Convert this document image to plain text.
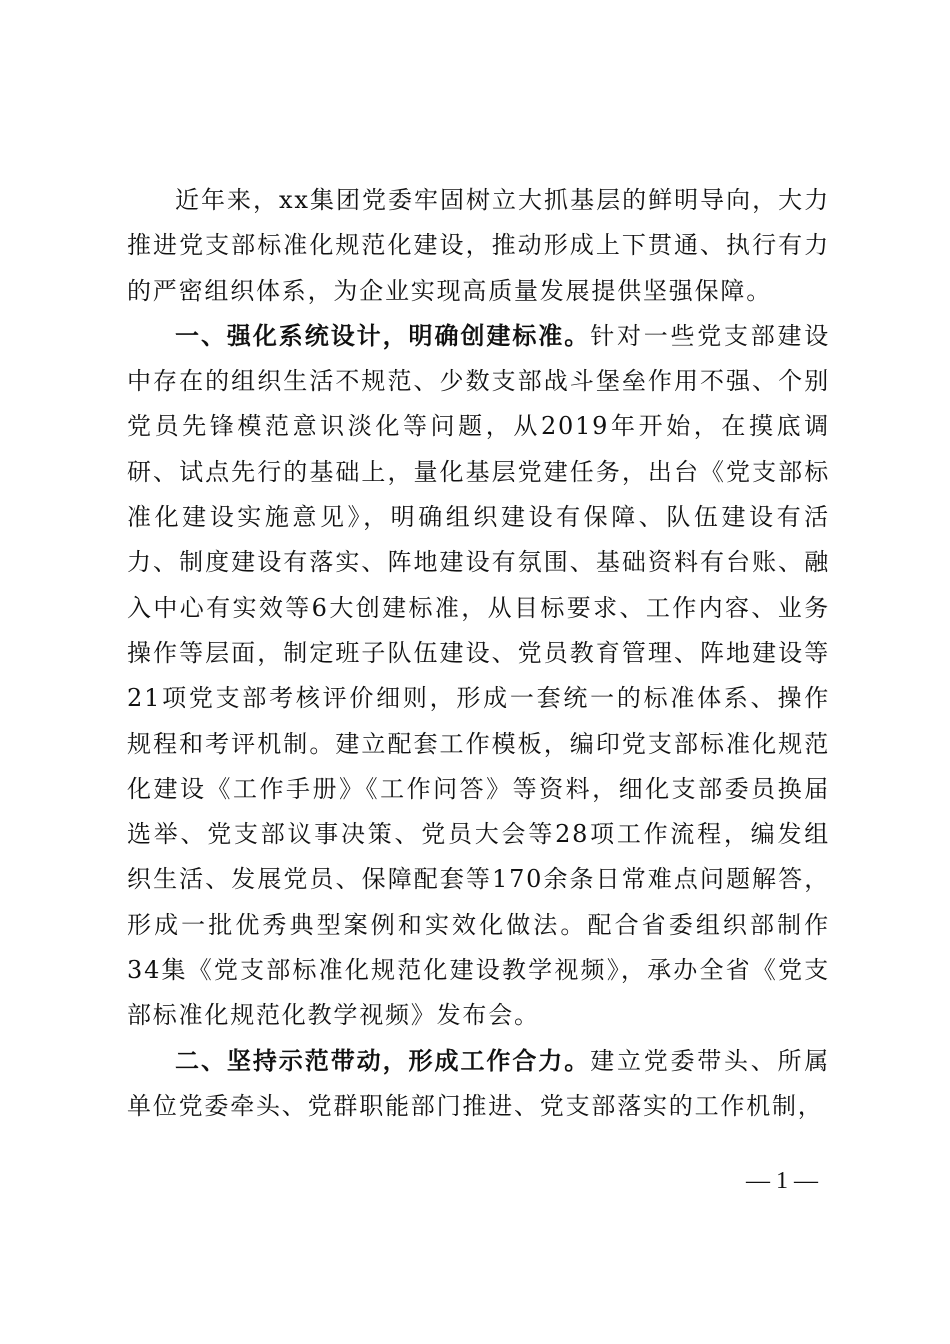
近年来，xx集团党委牢固树立大抓基层的鲜明导向，大力推进党支部标准化规范化建设，推动形成上下贯通、执行有力的严密组织体系，为企业实现高质量发展提供坚强保障。

一、强化系统设计，明确创建标准。针对一些党支部建设中存在的组织生活不规范、少数支部战斗堡垒作用不强、个别党员先锋模范意识淡化等问题，从2019年开始，在摸底调研、试点先行的基础上，量化基层党建任务，出台《党支部标准化建设实施意见》，明确组织建设有保障、队伍建设有活力、制度建设有落实、阵地建设有氛围、基础资料有台账、融入中心有实效等6大创建标准，从目标要求、工作内容、业务操作等层面，制定班子队伍建设、党员教育管理、阵地建设等21项党支部考核评价细则，形成一套统一的标准体系、操作规程和考评机制。建立配套工作模板，编印党支部标准化规范化建设《工作手册》《工作问答》等资料，细化支部委员换届选举、党支部议事决策、党员大会等28项工作流程，编发组织生活、发展党员、保障配套等170余条日常难点问题解答，形成一批优秀典型案例和实效化做法。配合省委组织部制作34集《党支部标准化规范化建设教学视频》，承办全省《党支部标准化规范化教学视频》发布会。

二、坚持示范带动，形成工作合力。建立党委带头、所属单位党委牵头、党群职能部门推进、党支部落实的工作机制，

— 1 —
